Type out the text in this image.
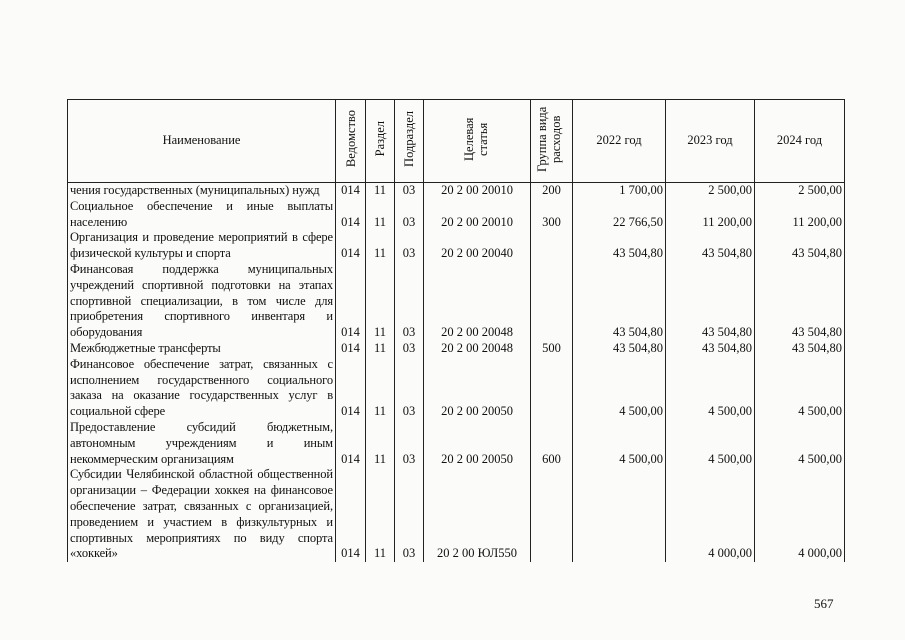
Наименование	Ведомство	Раздел	Подраздел	Целевая статья	Группа вида расходов	2022 год	2023 год	2024 год
чения государственных (муниципальных) нужд	014	11	03	20 2 00 20010	200	1 700,00	2 500,00	2 500,00
Социальное обеспечение и иные выплаты населению	014	11	03	20 2 00 20010	300	22 766,50	11 200,00	11 200,00
Организация и проведение мероприятий в сфере физической культуры и спорта	014	11	03	20 2 00 20040		43 504,80	43 504,80	43 504,80
Финансовая поддержка муниципальных учреждений спортивной подготовки на этапах спортивной специализации, в том числе для приобретения спортивного инвентаря и оборудования	014	11	03	20 2 00 20048		43 504,80	43 504,80	43 504,80
Межбюджетные трансферты	014	11	03	20 2 00 20048	500	43 504,80	43 504,80	43 504,80
Финансовое обеспечение затрат, связанных с исполнением государственного социального заказа на оказание государственных услуг в социальной сфере	014	11	03	20 2 00 20050		4 500,00	4 500,00	4 500,00
Предоставление субсидий бюджетным, автономным учреждениям и иным некоммерческим организациям	014	11	03	20 2 00 20050	600	4 500,00	4 500,00	4 500,00
Субсидии Челябинской областной общественной организации – Федерации хоккея на финансовое обеспечение затрат, связанных с организацией, проведением и участием в физкультурных и спортивных мероприятиях по виду спорта «хоккей»	014	11	03	20 2 00 ЮЛ550			4 000,00	4 000,00
567
